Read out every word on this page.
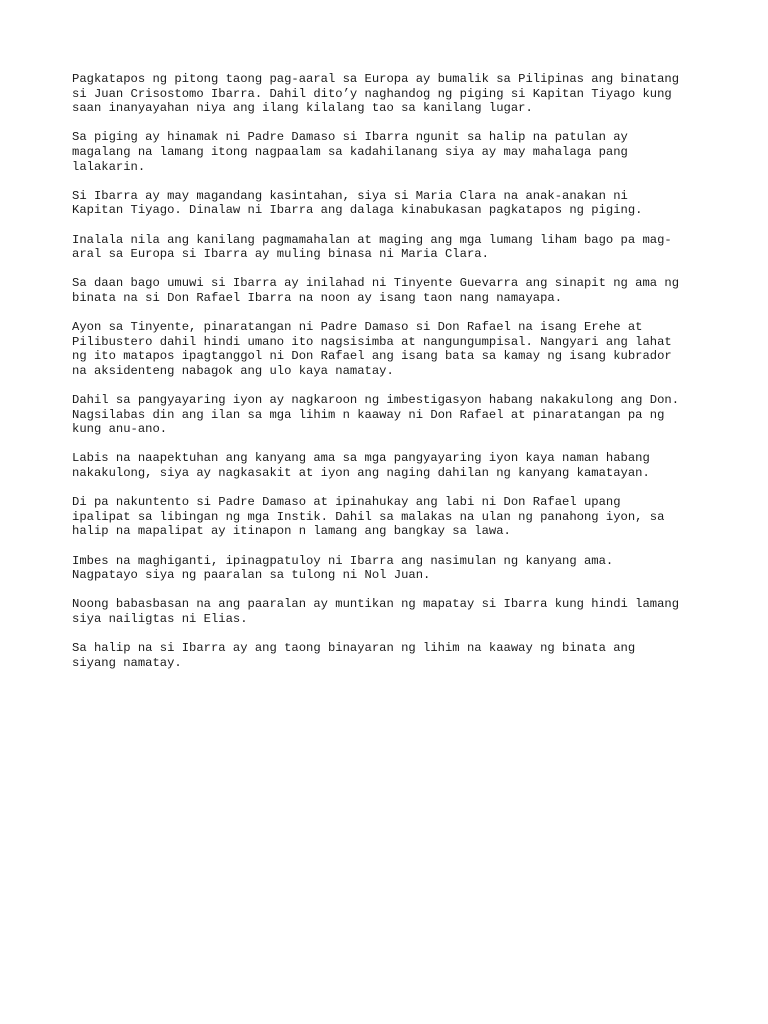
Pagkatapos ng pitong taong pag-aaral sa Europa ay bumalik sa Pilipinas ang binatang
si Juan Crisostomo Ibarra. Dahil dito’y naghandog ng piging si Kapitan Tiyago kung
saan inanyayahan niya ang ilang kilalang tao sa kanilang lugar.

Sa piging ay hinamak ni Padre Damaso si Ibarra ngunit sa halip na patulan ay
magalang na lamang itong nagpaalam sa kadahilanang siya ay may mahalaga pang
lalakarin.

Si Ibarra ay may magandang kasintahan, siya si Maria Clara na anak-anakan ni
Kapitan Tiyago. Dinalaw ni Ibarra ang dalaga kinabukasan pagkatapos ng piging.

Inalala nila ang kanilang pagmamahalan at maging ang mga lumang liham bago pa mag-
aral sa Europa si Ibarra ay muling binasa ni Maria Clara.

Sa daan bago umuwi si Ibarra ay inilahad ni Tinyente Guevarra ang sinapit ng ama ng
binata na si Don Rafael Ibarra na noon ay isang taon nang namayapa.

Ayon sa Tinyente, pinaratangan ni Padre Damaso si Don Rafael na isang Erehe at
Pilibustero dahil hindi umano ito nagsisimba at nangungumpisal. Nangyari ang lahat
ng ito matapos ipagtanggol ni Don Rafael ang isang bata sa kamay ng isang kubrador
na aksidenteng nabagok ang ulo kaya namatay.

Dahil sa pangyayaring iyon ay nagkaroon ng imbestigasyon habang nakakulong ang Don.
Nagsilabas din ang ilan sa mga lihim n kaaway ni Don Rafael at pinaratangan pa ng
kung anu-ano.

Labis na naapektuhan ang kanyang ama sa mga pangyayaring iyon kaya naman habang
nakakulong, siya ay nagkasakit at iyon ang naging dahilan ng kanyang kamatayan.

Di pa nakuntento si Padre Damaso at ipinahukay ang labi ni Don Rafael upang
ipalipat sa libingan ng mga Instik. Dahil sa malakas na ulan ng panahong iyon, sa
halip na mapalipat ay itinapon n lamang ang bangkay sa lawa.

Imbes na maghiganti, ipinagpatuloy ni Ibarra ang nasimulan ng kanyang ama.
Nagpatayo siya ng paaralan sa tulong ni Nol Juan.

Noong babasbasan na ang paaralan ay muntikan ng mapatay si Ibarra kung hindi lamang
siya nailigtas ni Elias.

Sa halip na si Ibarra ay ang taong binayaran ng lihim na kaaway ng binata ang
siyang namatay.
